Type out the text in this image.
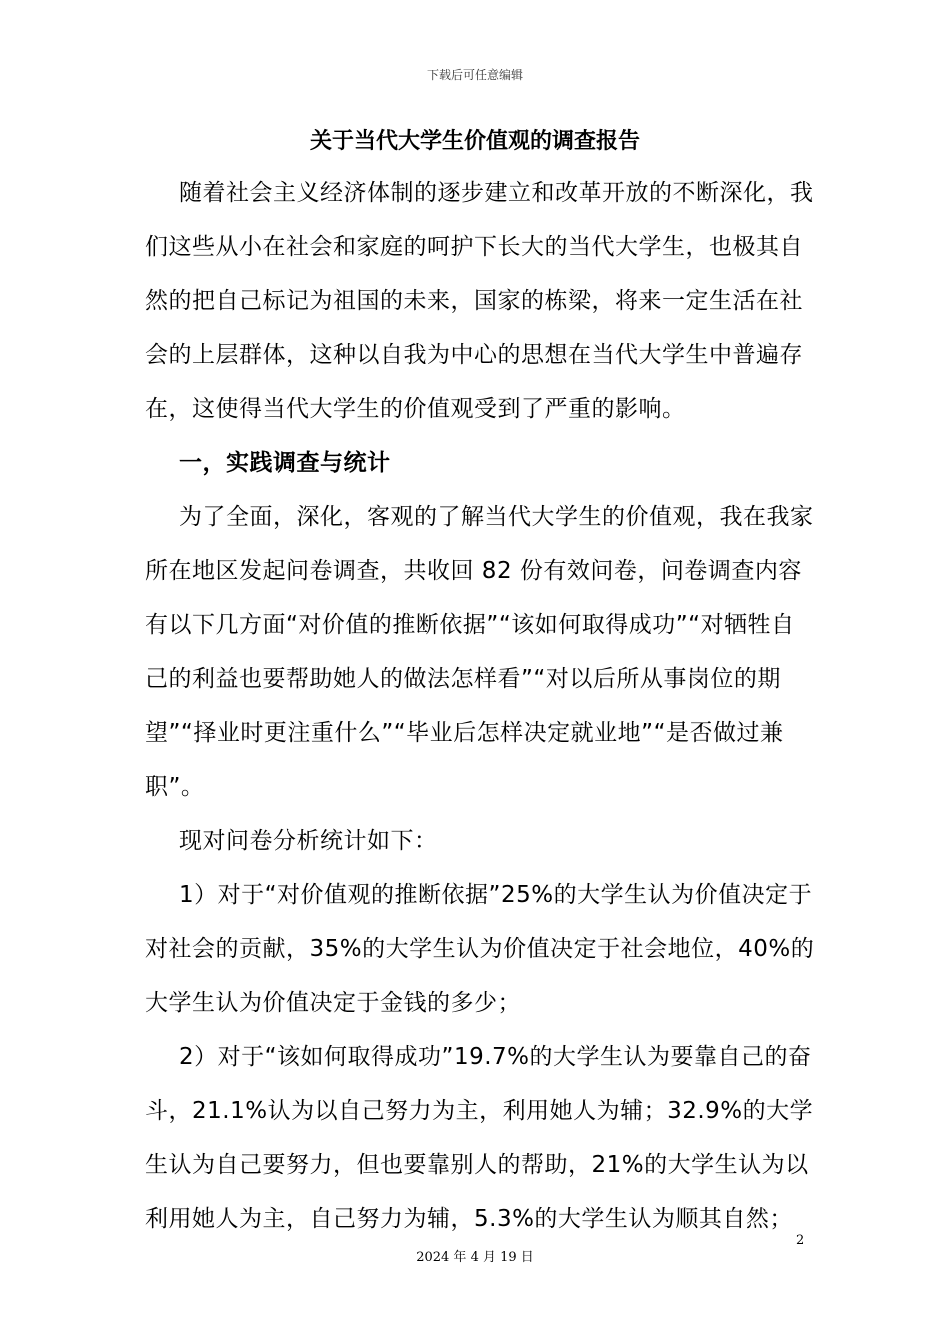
下载后可任意编辑
关于当代大学生价值观的调查报告

随着社会主义经济体制的逐步建立和改革开放的不断深化，我们这些从小在社会和家庭的呵护下长大的当代大学生，也极其自然的把自己标记为祖国的未来，国家的栋梁，将来一定生活在社会的上层群体，这种以自我为中心的思想在当代大学生中普遍存在，这使得当代大学生的价值观受到了严重的影响。

一，实践调查与统计

为了全面，深化，客观的了解当代大学生的价值观，我在我家所在地区发起问卷调查，共收回 82 份有效问卷，问卷调查内容有以下几方面“对价值的推断依据”“该如何取得成功”“对牺牲自己的利益也要帮助她人的做法怎样看”“对以后所从事岗位的期望”“择业时更注重什么”“毕业后怎样决定就业地”“是否做过兼职”。

现对问卷分析统计如下：

1）对于“对价值观的推断依据”25%的大学生认为价值决定于对社会的贡献，35%的大学生认为价值决定于社会地位，40%的大学生认为价值决定于金钱的多少；

2）对于“该如何取得成功”19.7%的大学生认为要靠自己的奋斗，21.1%认为以自己努力为主，利用她人为辅；32.9%的大学生认为自己要努力，但也要靠别人的帮助，21%的大学生认为以利用她人为主，自己努力为辅，5.3%的大学生认为顺其自然；

2
2024 年 4 月 19 日
